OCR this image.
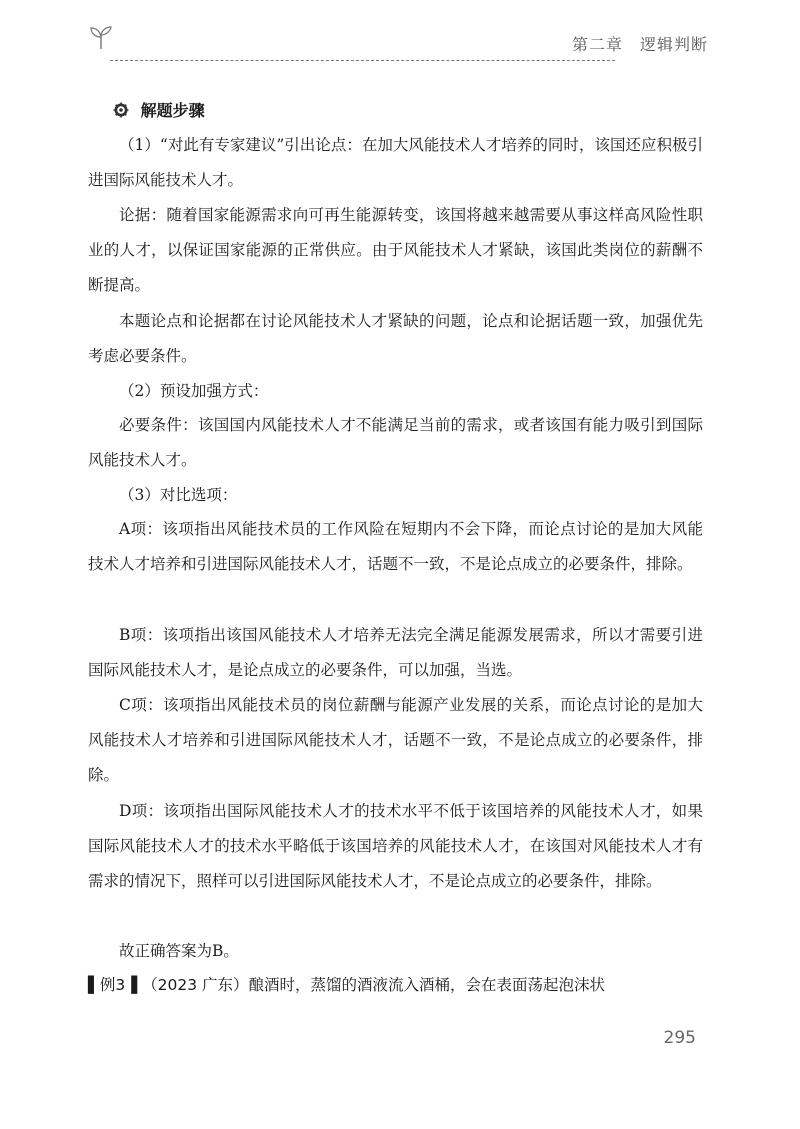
第二章　逻辑判断
解题步骤
（1）“对此有专家建议”引出论点：在加大风能技术人才培养的同时，该国还应积极引进国际风能技术人才。
论据：随着国家能源需求向可再生能源转变，该国将越来越需要从事这样高风险性职业的人才，以保证国家能源的正常供应。由于风能技术人才紧缺，该国此类岗位的薪酬不断提高。
本题论点和论据都在讨论风能技术人才紧缺的问题，论点和论据话题一致，加强优先考虑必要条件。
（2）预设加强方式：
必要条件：该国国内风能技术人才不能满足当前的需求，或者该国有能力吸引到国际风能技术人才。
（3）对比选项：
A项：该项指出风能技术员的工作风险在短期内不会下降，而论点讨论的是加大风能技术人才培养和引进国际风能技术人才，话题不一致，不是论点成立的必要条件，排除。
B项：该项指出该国风能技术人才培养无法完全满足能源发展需求，所以才需要引进国际风能技术人才，是论点成立的必要条件，可以加强，当选。
C项：该项指出风能技术员的岗位薪酬与能源产业发展的关系，而论点讨论的是加大风能技术人才培养和引进国际风能技术人才，话题不一致，不是论点成立的必要条件，排除。
D项：该项指出国际风能技术人才的技术水平不低于该国培养的风能技术人才，如果国际风能技术人才的技术水平略低于该国培养的风能技术人才，在该国对风能技术人才有需求的情况下，照样可以引进国际风能技术人才，不是论点成立的必要条件，排除。
故正确答案为B。
▌例3▐ （2023 广东）酿酒时，蒸馏的酒液流入酒桶，会在表面荡起泡沫状
295
